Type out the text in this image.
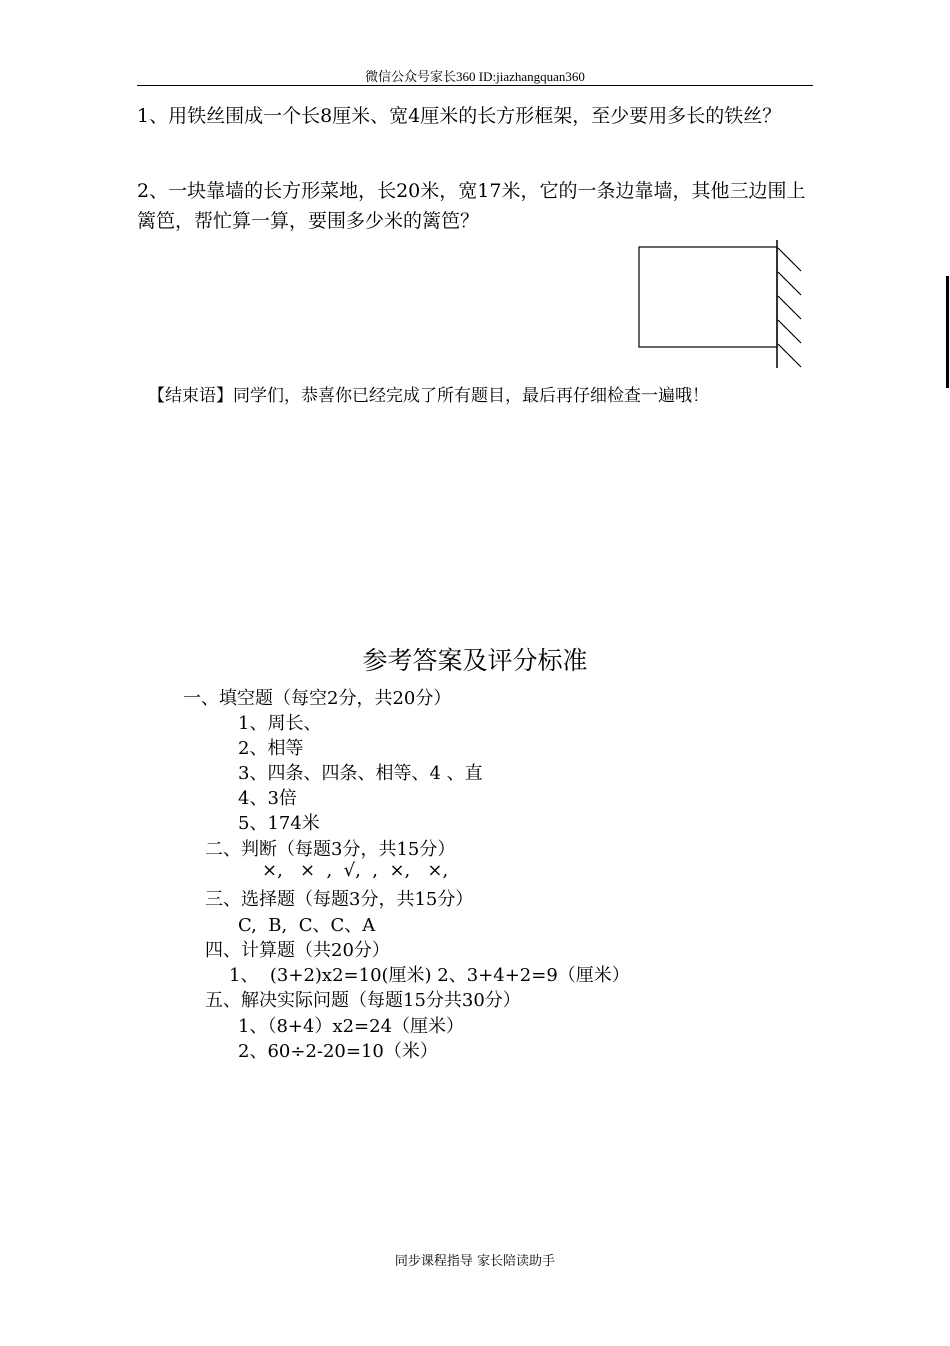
微信公众号家长360 ID:jiazhangquan360
1、用铁丝围成一个长8厘米、宽4厘米的长方形框架，至少要用多长的铁丝？
2、一块靠墙的长方形菜地，长20米，宽17米，它的一条边靠墙，其他三边围上篱笆，帮忙算一算，要围多少米的篱笆？
【结束语】同学们，恭喜你已经完成了所有题目，最后再仔细检查一遍哦！
参考答案及评分标准
一、填空题（每空2分，共20分）
1、周长、
2、相等
3、四条、四条、相等、4 、直
4、3倍
5、174米
二、判断（每题3分，共15分）
×,   ×  ,  √,  ,  ×,   ×,
三、选择题（每题3分，共15分）
C,  B,  C、C、A
四、计算题（共20分）
1、  (3+2)x2=10(厘米) 2、3+4+2=9（厘米）
五、解决实际问题（每题15分共30分）
1、（8+4）x2=24（厘米）
2、60÷2-20=10（米）
同步课程指导 家长陪读助手
